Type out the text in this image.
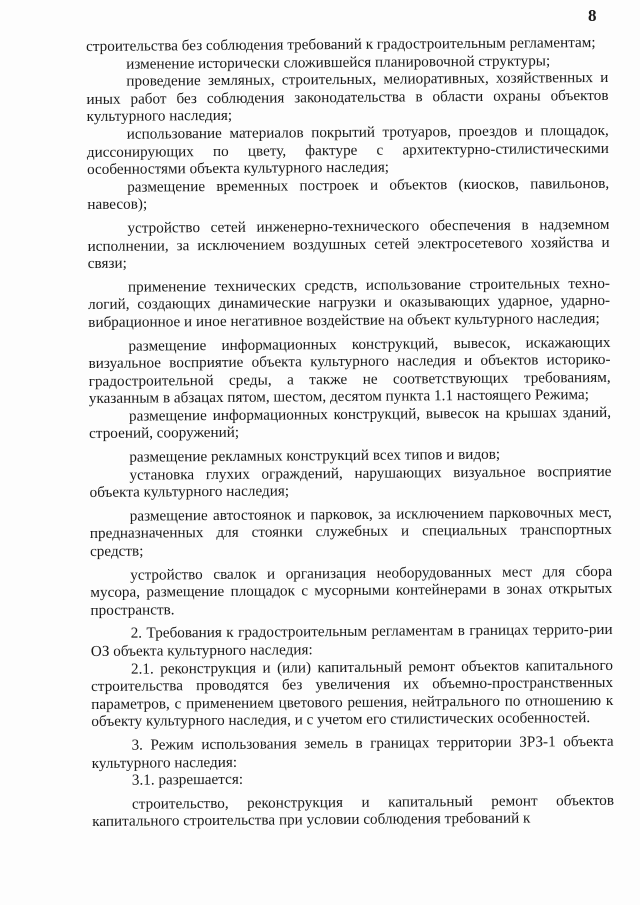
8

строительства без соблюдения требований к градостроительным регламентам;

изменение исторически сложившейся планировочной структуры;

проведение земляных, строительных, мелиоративных, хозяйственных и иных работ без соблюдения законодательства в области охраны объектов культурного наследия;

использование материалов покрытий тротуаров, проездов и площадок, диссонирующих по цвету, фактуре с архитектурно-стилистическими особенностями объекта культурного наследия;

размещение временных построек и объектов (киосков, павильонов, навесов);

устройство сетей инженерно-технического обеспечения в надземном исполнении, за исключением воздушных сетей электросетевого хозяйства и связи;

применение технических средств, использование строительных техно-логий, создающих динамические нагрузки и оказывающих ударное, ударно-вибрационное и иное негативное воздействие на объект культурного наследия;

размещение информационных конструкций, вывесок, искажающих визуальное восприятие объекта культурного наследия и объектов историко-градостроительной среды, а также не соответствующих требованиям, указанным в абзацах пятом, шестом, десятом пункта 1.1 настоящего Режима;

размещение информационных конструкций, вывесок на крышах зданий, строений, сооружений;

размещение рекламных конструкций всех типов и видов;

установка глухих ограждений, нарушающих визуальное восприятие объекта культурного наследия;

размещение автостоянок и парковок, за исключением парковочных мест, предназначенных для стоянки служебных и специальных транспортных средств;

устройство свалок и организация необорудованных мест для сбора мусора, размещение площадок с мусорными контейнерами в зонах открытых пространств.

2. Требования к градостроительным регламентам в границах террито-рии ОЗ объекта культурного наследия:

2.1. реконструкция и (или) капитальный ремонт объектов капитального строительства проводятся без увеличения их объемно-пространственных параметров, с применением цветового решения, нейтрального по отношению к объекту культурного наследия, и с учетом его стилистических особенностей.

3. Режим использования земель в границах территории ЗРЗ-1 объекта культурного наследия:

3.1. разрешается:

строительство, реконструкция и капитальный ремонт объектов капитального строительства при условии соблюдения требований к
